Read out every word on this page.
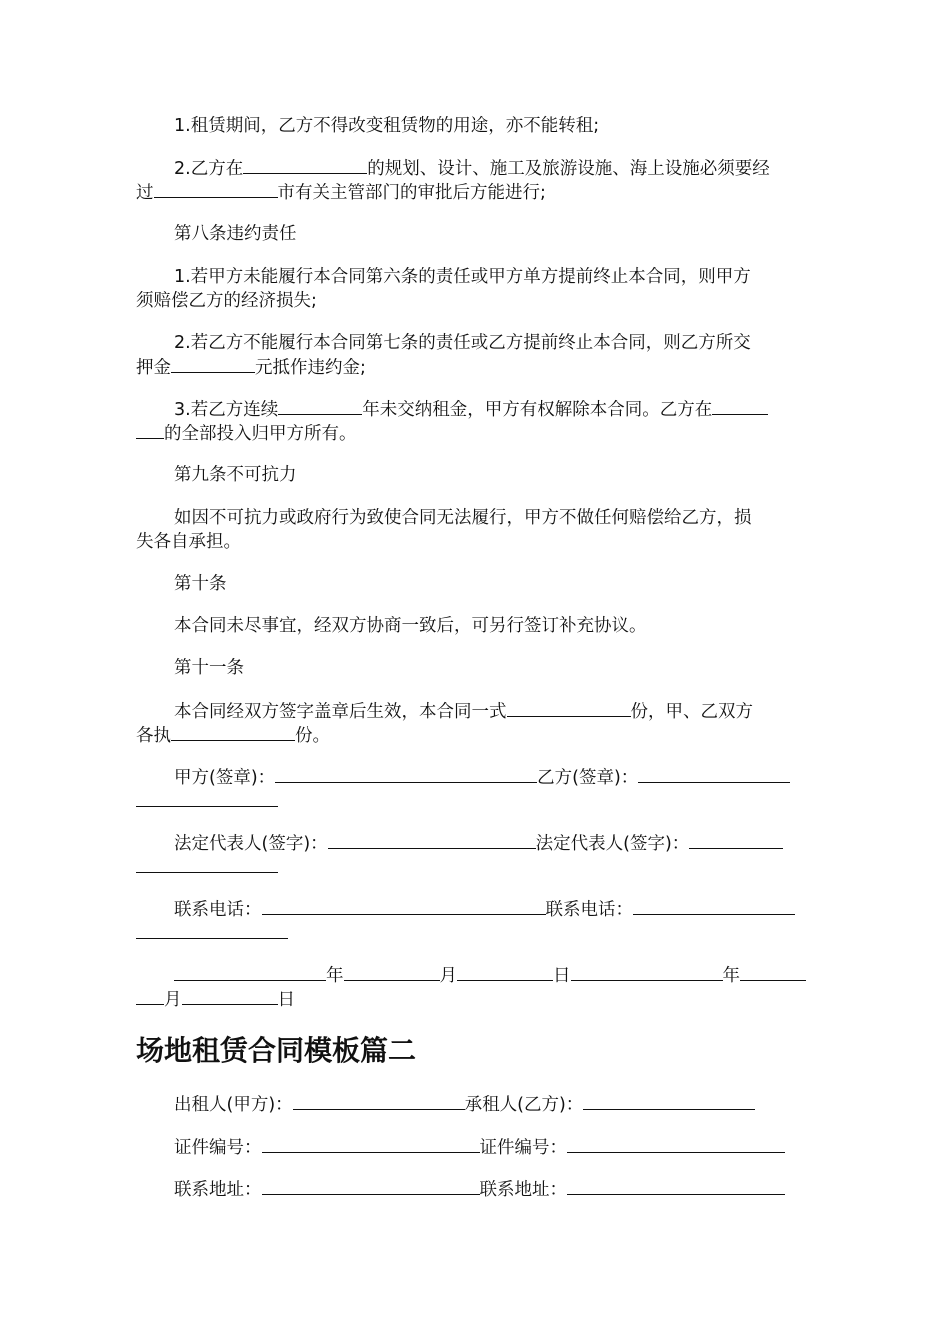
1.租赁期间，乙方不得改变租赁物的用途，亦不能转租;
2.乙方在	的规划、设计、施工及旅游设施、海上设施必须要经
过	市有关主管部门的审批后方能进行;
第八条违约责任
1.若甲方未能履行本合同第六条的责任或甲方单方提前终止本合同，则甲方
须赔偿乙方的经济损失;
2.若乙方不能履行本合同第七条的责任或乙方提前终止本合同，则乙方所交
押金	元抵作违约金;
3.若乙方连续	年未交纳租金，甲方有权解除本合同。乙方在
的全部投入归甲方所有。
第九条不可抗力
如因不可抗力或政府行为致使合同无法履行，甲方不做任何赔偿给乙方，损
失各自承担。
第十条
本合同未尽事宜，经双方协商一致后，可另行签订补充协议。
第十一条
本合同经双方签字盖章后生效，本合同一式	份，甲、乙双方
各执	份。
甲方(签章)：	乙方(签章)：
法定代表人(签字)：	法定代表人(签字)：
联系电话：	联系电话：
年	月	日	年
月	日
场地租赁合同模板篇二
出租人(甲方)：	承租人(乙方)：
证件编号：	证件编号：
联系地址：	联系地址：
